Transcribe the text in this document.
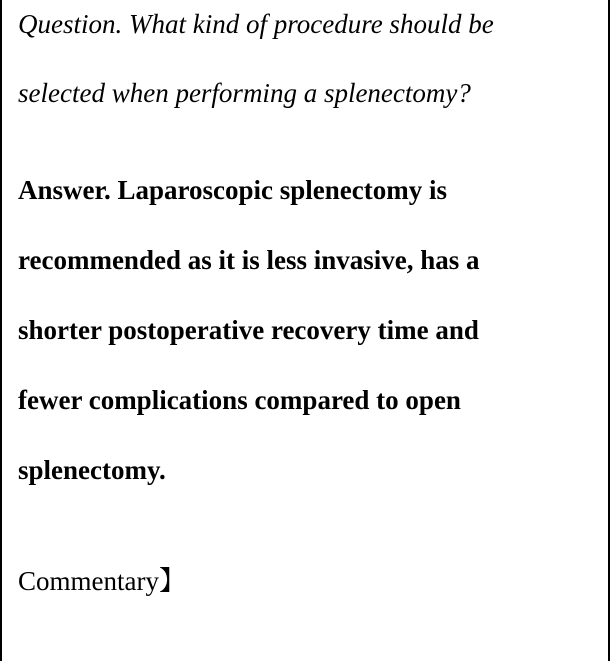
Question. What kind of procedure should be
selected when performing a splenectomy?
Answer. Laparoscopic splenectomy is
recommended as it is less invasive, has a
shorter postoperative recovery time and
fewer complications compared to open
splenectomy.
Commentary】
